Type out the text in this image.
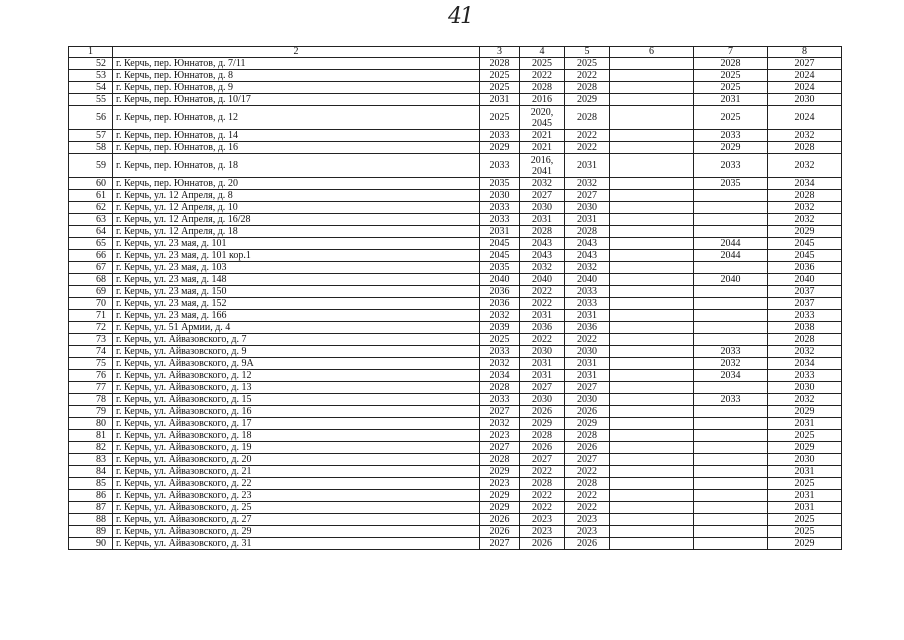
41
1	2	3	4	5	6	7	8
52	г. Керчь, пер. Юннатов, д. 7/11	2028	2025	2025		2028	2027
53	г. Керчь, пер. Юннатов, д. 8	2025	2022	2022		2025	2024
54	г. Керчь, пер. Юннатов, д. 9	2025	2028	2028		2025	2024
55	г. Керчь, пер. Юннатов, д. 10/17	2031	2016	2029		2031	2030
56	г. Керчь, пер. Юннатов, д. 12	2025	2020, 2045	2028		2025	2024
57	г. Керчь, пер. Юннатов, д. 14	2033	2021	2022		2033	2032
58	г. Керчь, пер. Юннатов, д. 16	2029	2021	2022		2029	2028
59	г. Керчь, пер. Юннатов, д. 18	2033	2016, 2041	2031		2033	2032
60	г. Керчь, пер. Юннатов, д. 20	2035	2032	2032		2035	2034
61	г. Керчь, ул. 12 Апреля, д. 8	2030	2027	2027			2028
62	г. Керчь, ул. 12 Апреля, д. 10	2033	2030	2030			2032
63	г. Керчь, ул. 12 Апреля, д. 16/28	2033	2031	2031			2032
64	г. Керчь, ул. 12 Апреля, д. 18	2031	2028	2028			2029
65	г. Керчь, ул. 23 мая, д. 101	2045	2043	2043		2044	2045
66	г. Керчь, ул. 23 мая, д. 101 кор.1	2045	2043	2043		2044	2045
67	г. Керчь, ул. 23 мая, д. 103	2035	2032	2032			2036
68	г. Керчь, ул. 23 мая, д. 148	2040	2040	2040		2040	2040
69	г. Керчь, ул. 23 мая, д. 150	2036	2022	2033			2037
70	г. Керчь, ул. 23 мая, д. 152	2036	2022	2033			2037
71	г. Керчь, ул. 23 мая, д. 166	2032	2031	2031			2033
72	г. Керчь, ул. 51 Армии, д. 4	2039	2036	2036			2038
73	г. Керчь, ул. Айвазовского, д. 7	2025	2022	2022			2028
74	г. Керчь, ул. Айвазовского, д. 9	2033	2030	2030		2033	2032
75	г. Керчь, ул. Айвазовского, д. 9А	2032	2031	2031		2032	2034
76	г. Керчь, ул. Айвазовского, д. 12	2034	2031	2031		2034	2033
77	г. Керчь, ул. Айвазовского, д. 13	2028	2027	2027			2030
78	г. Керчь, ул. Айвазовского, д. 15	2033	2030	2030		2033	2032
79	г. Керчь, ул. Айвазовского, д. 16	2027	2026	2026			2029
80	г. Керчь, ул. Айвазовского, д. 17	2032	2029	2029			2031
81	г. Керчь, ул. Айвазовского, д. 18	2023	2028	2028			2025
82	г. Керчь, ул. Айвазовского, д. 19	2027	2026	2026			2029
83	г. Керчь, ул. Айвазовского, д. 20	2028	2027	2027			2030
84	г. Керчь, ул. Айвазовского, д. 21	2029	2022	2022			2031
85	г. Керчь, ул. Айвазовского, д. 22	2023	2028	2028			2025
86	г. Керчь, ул. Айвазовского, д. 23	2029	2022	2022			2031
87	г. Керчь, ул. Айвазовского, д. 25	2029	2022	2022			2031
88	г. Керчь, ул. Айвазовского, д. 27	2026	2023	2023			2025
89	г. Керчь, ул. Айвазовского, д. 29	2026	2023	2023			2025
90	г. Керчь, ул. Айвазовского, д. 31	2027	2026	2026			2029
